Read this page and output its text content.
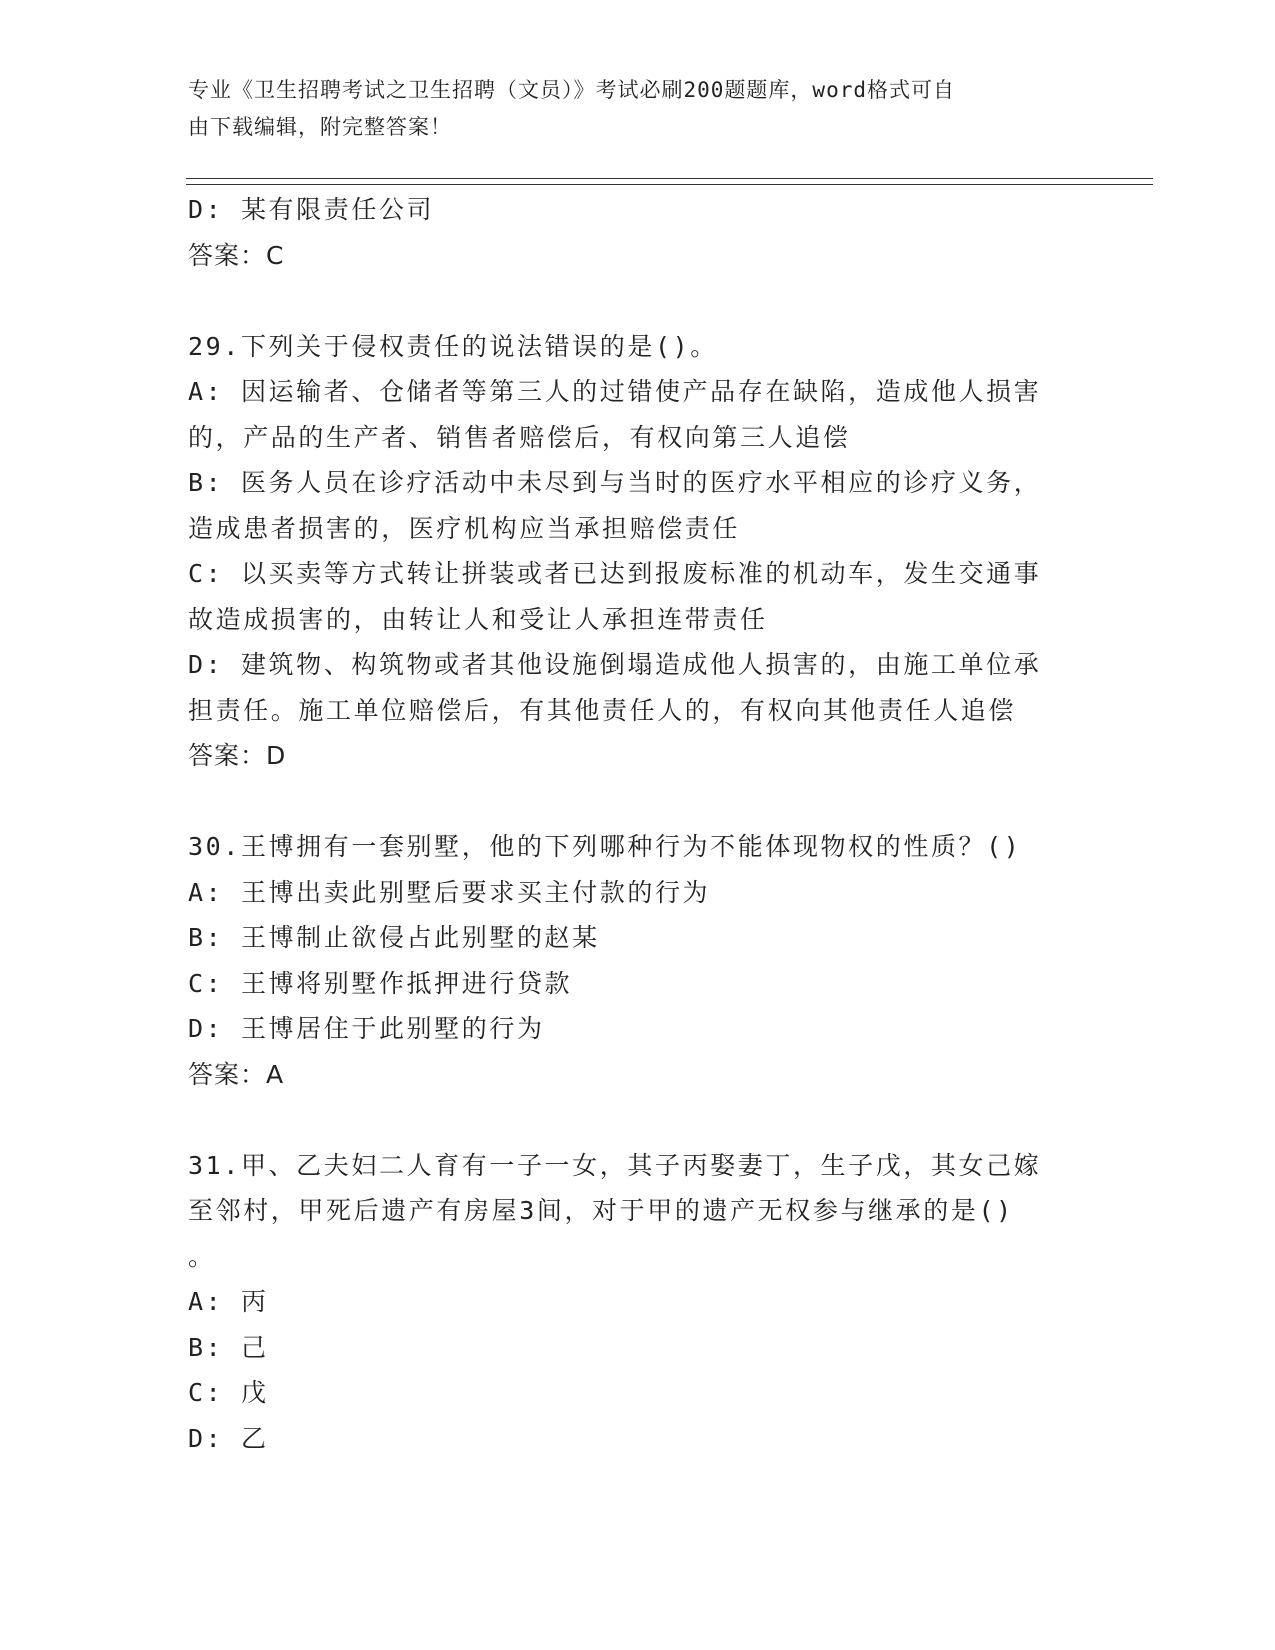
专业《卫生招聘考试之卫生招聘（文员）》考试必刷200题题库，word格式可自
由下载编辑，附完整答案！
D: 某有限责任公司
答案：C
29.下列关于侵权责任的说法错误的是()。
A: 因运输者、仓储者等第三人的过错使产品存在缺陷，造成他人损害
的，产品的生产者、销售者赔偿后，有权向第三人追偿
B: 医务人员在诊疗活动中未尽到与当时的医疗水平相应的诊疗义务，
造成患者损害的，医疗机构应当承担赔偿责任
C: 以买卖等方式转让拼装或者已达到报废标准的机动车，发生交通事
故造成损害的，由转让人和受让人承担连带责任
D: 建筑物、构筑物或者其他设施倒塌造成他人损害的，由施工单位承
担责任。施工单位赔偿后，有其他责任人的，有权向其他责任人追偿
答案：D
30.王博拥有一套别墅，他的下列哪种行为不能体现物权的性质？()
A: 王博出卖此别墅后要求买主付款的行为
B: 王博制止欲侵占此别墅的赵某
C: 王博将别墅作抵押进行贷款
D: 王博居住于此别墅的行为
答案：A
31.甲、乙夫妇二人育有一子一女，其子丙娶妻丁，生子戊，其女己嫁
至邻村，甲死后遗产有房屋3间，对于甲的遗产无权参与继承的是()
。
A: 丙
B: 己
C: 戊
D: 乙
